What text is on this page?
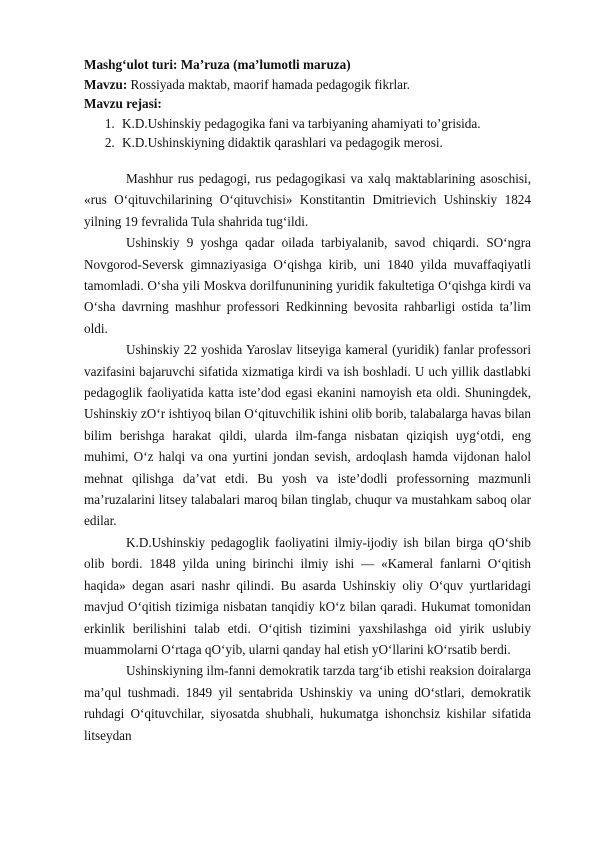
Mashg‘ulot turi: Ma’ruza (ma’lumotli maruza)

Mavzu: Rossiyada maktab, maorif hamada pedagogik fikrlar.

Mavzu rejasi:

1. K.D.Ushinskiy pedagogika fani va tarbiyaning ahamiyati to’grisida.
2. K.D.Ushinskiyning didaktik qarashlari va pedagogik merosi.

Mashhur rus pedagogi, rus pedagogikasi va xalq maktablarining asoschisi, «rus O‘qituvchilarining O‘qituvchisi» Konstitantin Dmitrievich Ushinskiy 1824 yilning 19 fevralida Tula shahrida tug‘ildi.

Ushinskiy 9 yoshga qadar oilada tarbiyalanib, savod chiqardi. SO‘ngra Novgorod-Seversk gimnaziyasiga O‘qishga kirib, uni 1840 yilda muvaffaqiyatli tamomladi. O‘sha yili Moskva dorilfununining yuridik fakultetiga O‘qishga kirdi va O‘sha davrning mashhur professori Redkinning bevosita rahbarligi ostida ta’lim oldi.

Ushinskiy 22 yoshida Yaroslav litseyiga kameral (yuridik) fanlar professori vazifasini bajaruvchi sifatida xizmatiga kirdi va ish boshladi. U uch yillik dastlabki pedagoglik faoliyatida katta iste’dod egasi ekanini namoyish eta oldi. Shuningdek, Ushinskiy zO‘r ishtiyoq bilan O‘qituvchilik ishini olib borib, talabalarga havas bilan bilim berishga harakat qildi, ularda ilm-fanga nisbatan qiziqish uyg‘otdi, eng muhimi, O‘z halqi va ona yurtini jondan sevish, ardoqlash hamda vijdonan halol mehnat qilishga da’vat etdi. Bu yosh va iste’dodli professorning mazmunli ma’ruzalarini litsey talabalari maroq bilan tinglab, chuqur va mustahkam saboq olar edilar.

K.D.Ushinskiy pedagoglik faoliyatini ilmiy-ijodiy ish bilan birga qO‘shib olib bordi. 1848 yilda uning birinchi ilmiy ishi — «Kameral fanlarni O‘qitish haqida» degan asari nashr qilindi. Bu asarda Ushinskiy oliy O‘quv yurtlaridagi mavjud O‘qitish tizimiga nisbatan tanqidiy kO‘z bilan qaradi. Hukumat tomonidan erkinlik berilishini talab etdi. O‘qitish tizimini yaxshilashga oid yirik uslubiy muammolarni O‘rtaga qO‘yib, ularni qanday hal etish yO‘llarini kO‘rsatib berdi.

Ushinskiyning ilm-fanni demokratik tarzda targ‘ib etishi reaksion doiralarga ma’qul tushmadi. 1849 yil sentabrida Ushinskiy va uning dO‘stlari, demokratik ruhdagi O‘qituvchilar, siyosatda shubhali, hukumatga ishonchsiz kishilar sifatida litseydan
